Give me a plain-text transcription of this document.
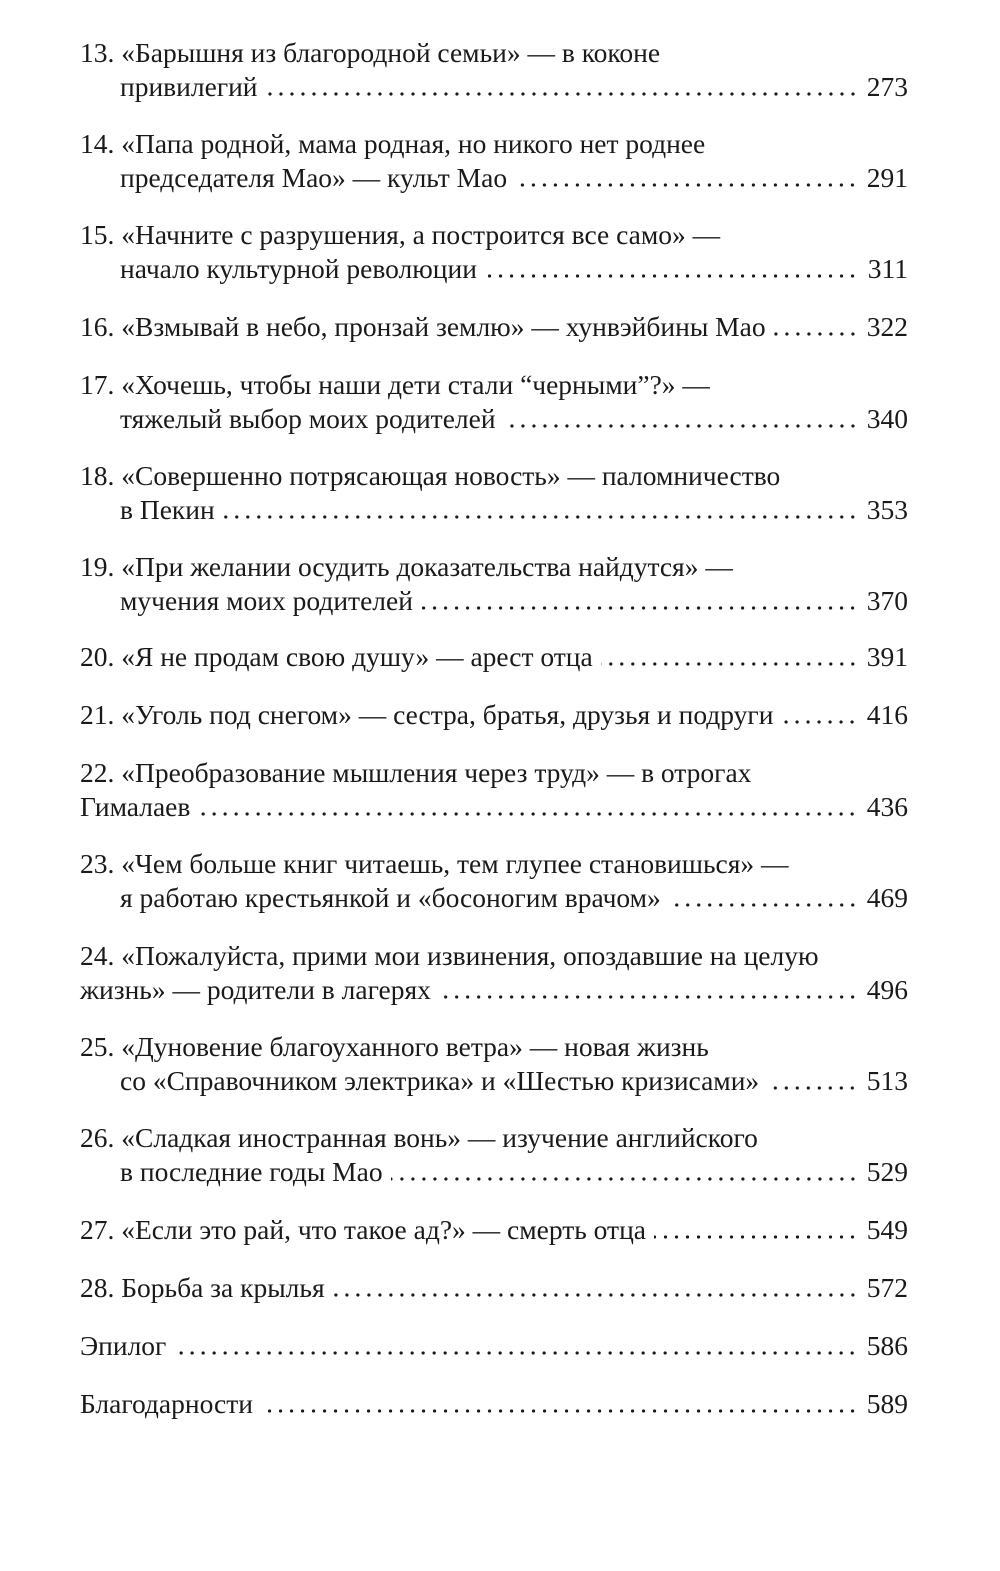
13. «Барышня из благородной семьи» — в коконе
привилегий	273
14. «Папа родной, мама родная, но никого нет роднее
председателя Мао» — культ Мао	291
15. «Начните с разрушения, а построится все само» —
начало культурной революции	311
16. «Взмывай в небо, пронзай землю» — хунвэйбины Мао	322
17. «Хочешь, чтобы наши дети стали “черными”?» —
тяжелый выбор моих родителей	340
18. «Совершенно потрясающая новость» — паломничество
в Пекин	353
19. «При желании осудить доказательства найдутся» —
мучения моих родителей	370
20. «Я не продам свою душу» — арест отца	391
21. «Уголь под снегом» — сестра, братья, друзья и подруги	416
22. «Преобразование мышления через труд» — в отрогах
Гималаев	436
23. «Чем больше книг читаешь, тем глупее становишься» —
я работаю крестьянкой и «босоногим врачом»	469
24. «Пожалуйста, прими мои извинения, опоздавшие на целую
жизнь» — родители в лагерях	496
25. «Дуновение благоуханного ветра» — новая жизнь
со «Справочником электрика» и «Шестью кризисами»	513
26. «Сладкая иностранная вонь» — изучение английского
в последние годы Мао	529
27. «Если это рай, что такое ад?» — смерть отца	549
28. Борьба за крылья	572
Эпилог	586
Благодарности	589
